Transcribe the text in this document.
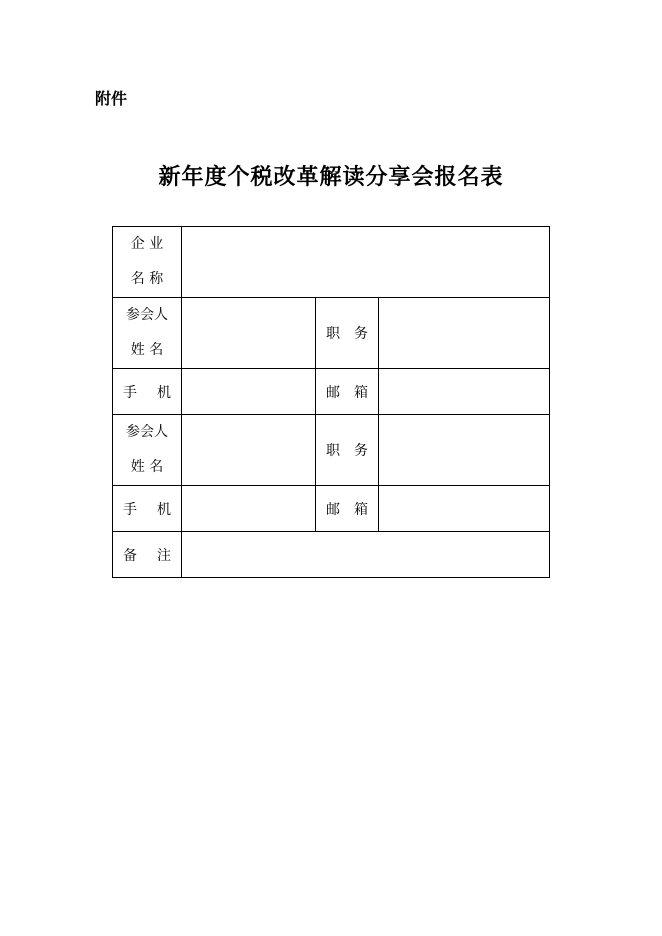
附件
新年度个税改革解读分享会报名表
企 业
名 称			

参会人
姓 名		职 务	

手 机		邮 箱	

参会人
姓 名		职 务	

手 机		邮 箱	

备 注			
